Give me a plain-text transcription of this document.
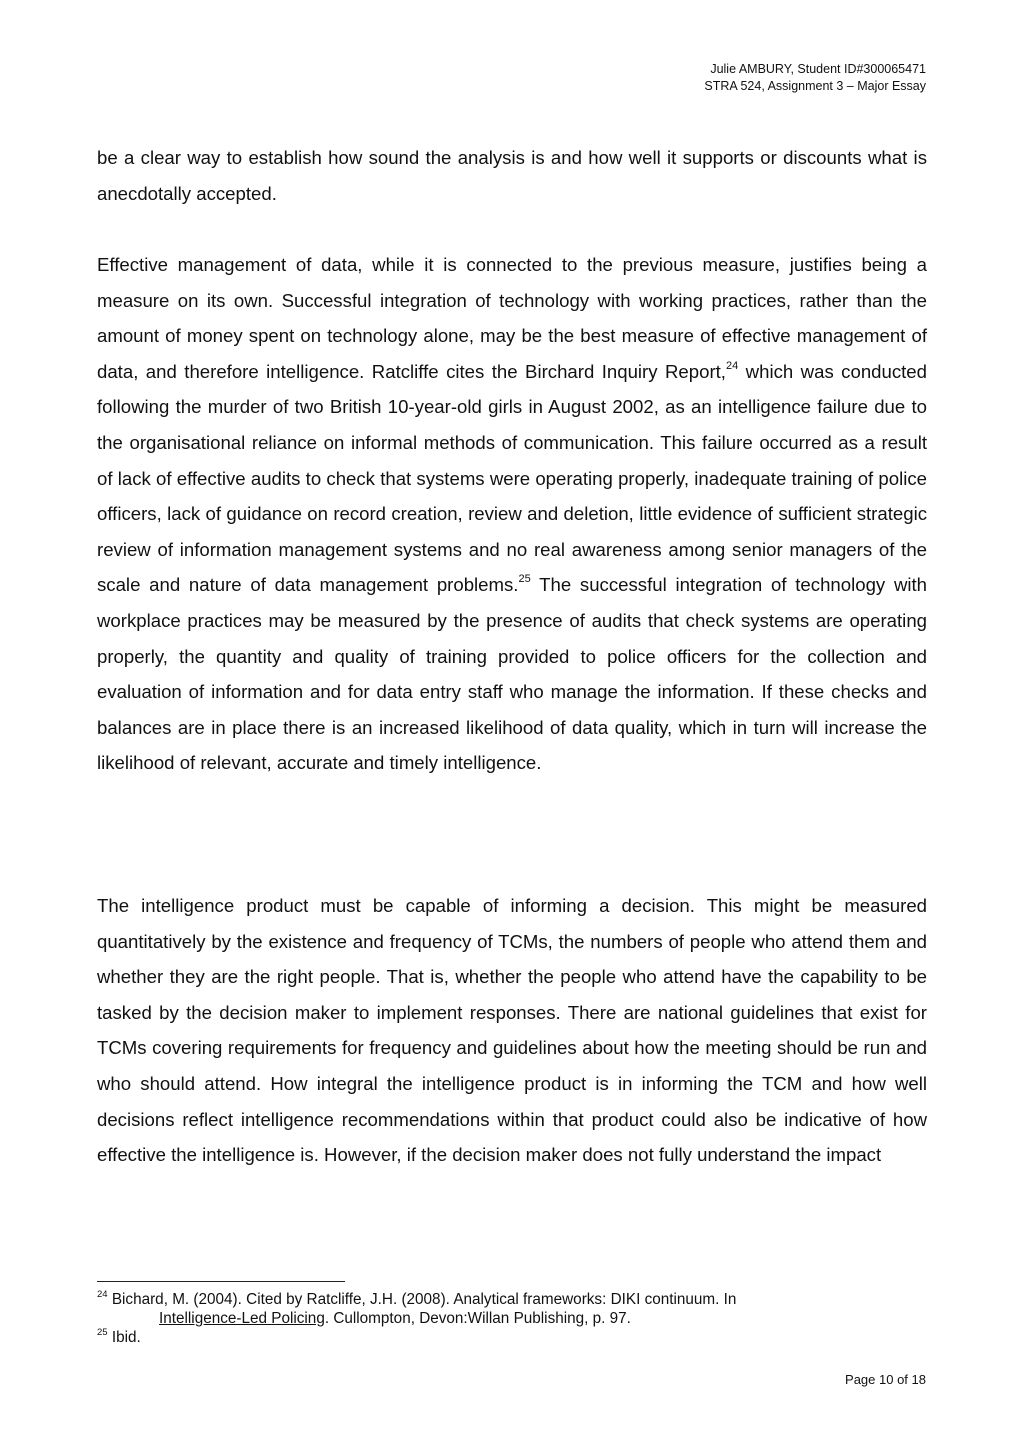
Julie AMBURY, Student ID#300065471
STRA 524, Assignment 3 – Major Essay

be a clear way to establish how sound the analysis is and how well it supports or discounts what is anecdotally accepted.

Effective management of data, while it is connected to the previous measure, justifies being a measure on its own. Successful integration of technology with working practices, rather than the amount of money spent on technology alone, may be the best measure of effective management of data, and therefore intelligence. Ratcliffe cites the Birchard Inquiry Report,$^{24}$ which was conducted following the murder of two British 10-year-old girls in August 2002, as an intelligence failure due to the organisational reliance on informal methods of communication. This failure occurred as a result of lack of effective audits to check that systems were operating properly, inadequate training of police officers, lack of guidance on record creation, review and deletion, little evidence of sufficient strategic review of information management systems and no real awareness among senior managers of the scale and nature of data management problems.$^{25}$ The successful integration of technology with workplace practices may be measured by the presence of audits that check systems are operating properly, the quantity and quality of training provided to police officers for the collection and evaluation of information and for data entry staff who manage the information. If these checks and balances are in place there is an increased likelihood of data quality, which in turn will increase the likelihood of relevant, accurate and timely intelligence.

The intelligence product must be capable of informing a decision. This might be measured quantitatively by the existence and frequency of TCMs, the numbers of people who attend them and whether they are the right people. That is, whether the people who attend have the capability to be tasked by the decision maker to implement responses. There are national guidelines that exist for TCMs covering requirements for frequency and guidelines about how the meeting should be run and who should attend. How integral the intelligence product is in informing the TCM and how well decisions reflect intelligence recommendations within that product could also be indicative of how effective the intelligence is. However, if the decision maker does not fully understand the impact

$^{24}$ Bichard, M. (2004). Cited by Ratcliffe, J.H. (2008). Analytical frameworks: DIKI continuum. In

Intelligence-Led Policing. Cullompton, Devon:Willan Publishing, p. 97.

$^{25}$ Ibid.

Page 10 of 18
